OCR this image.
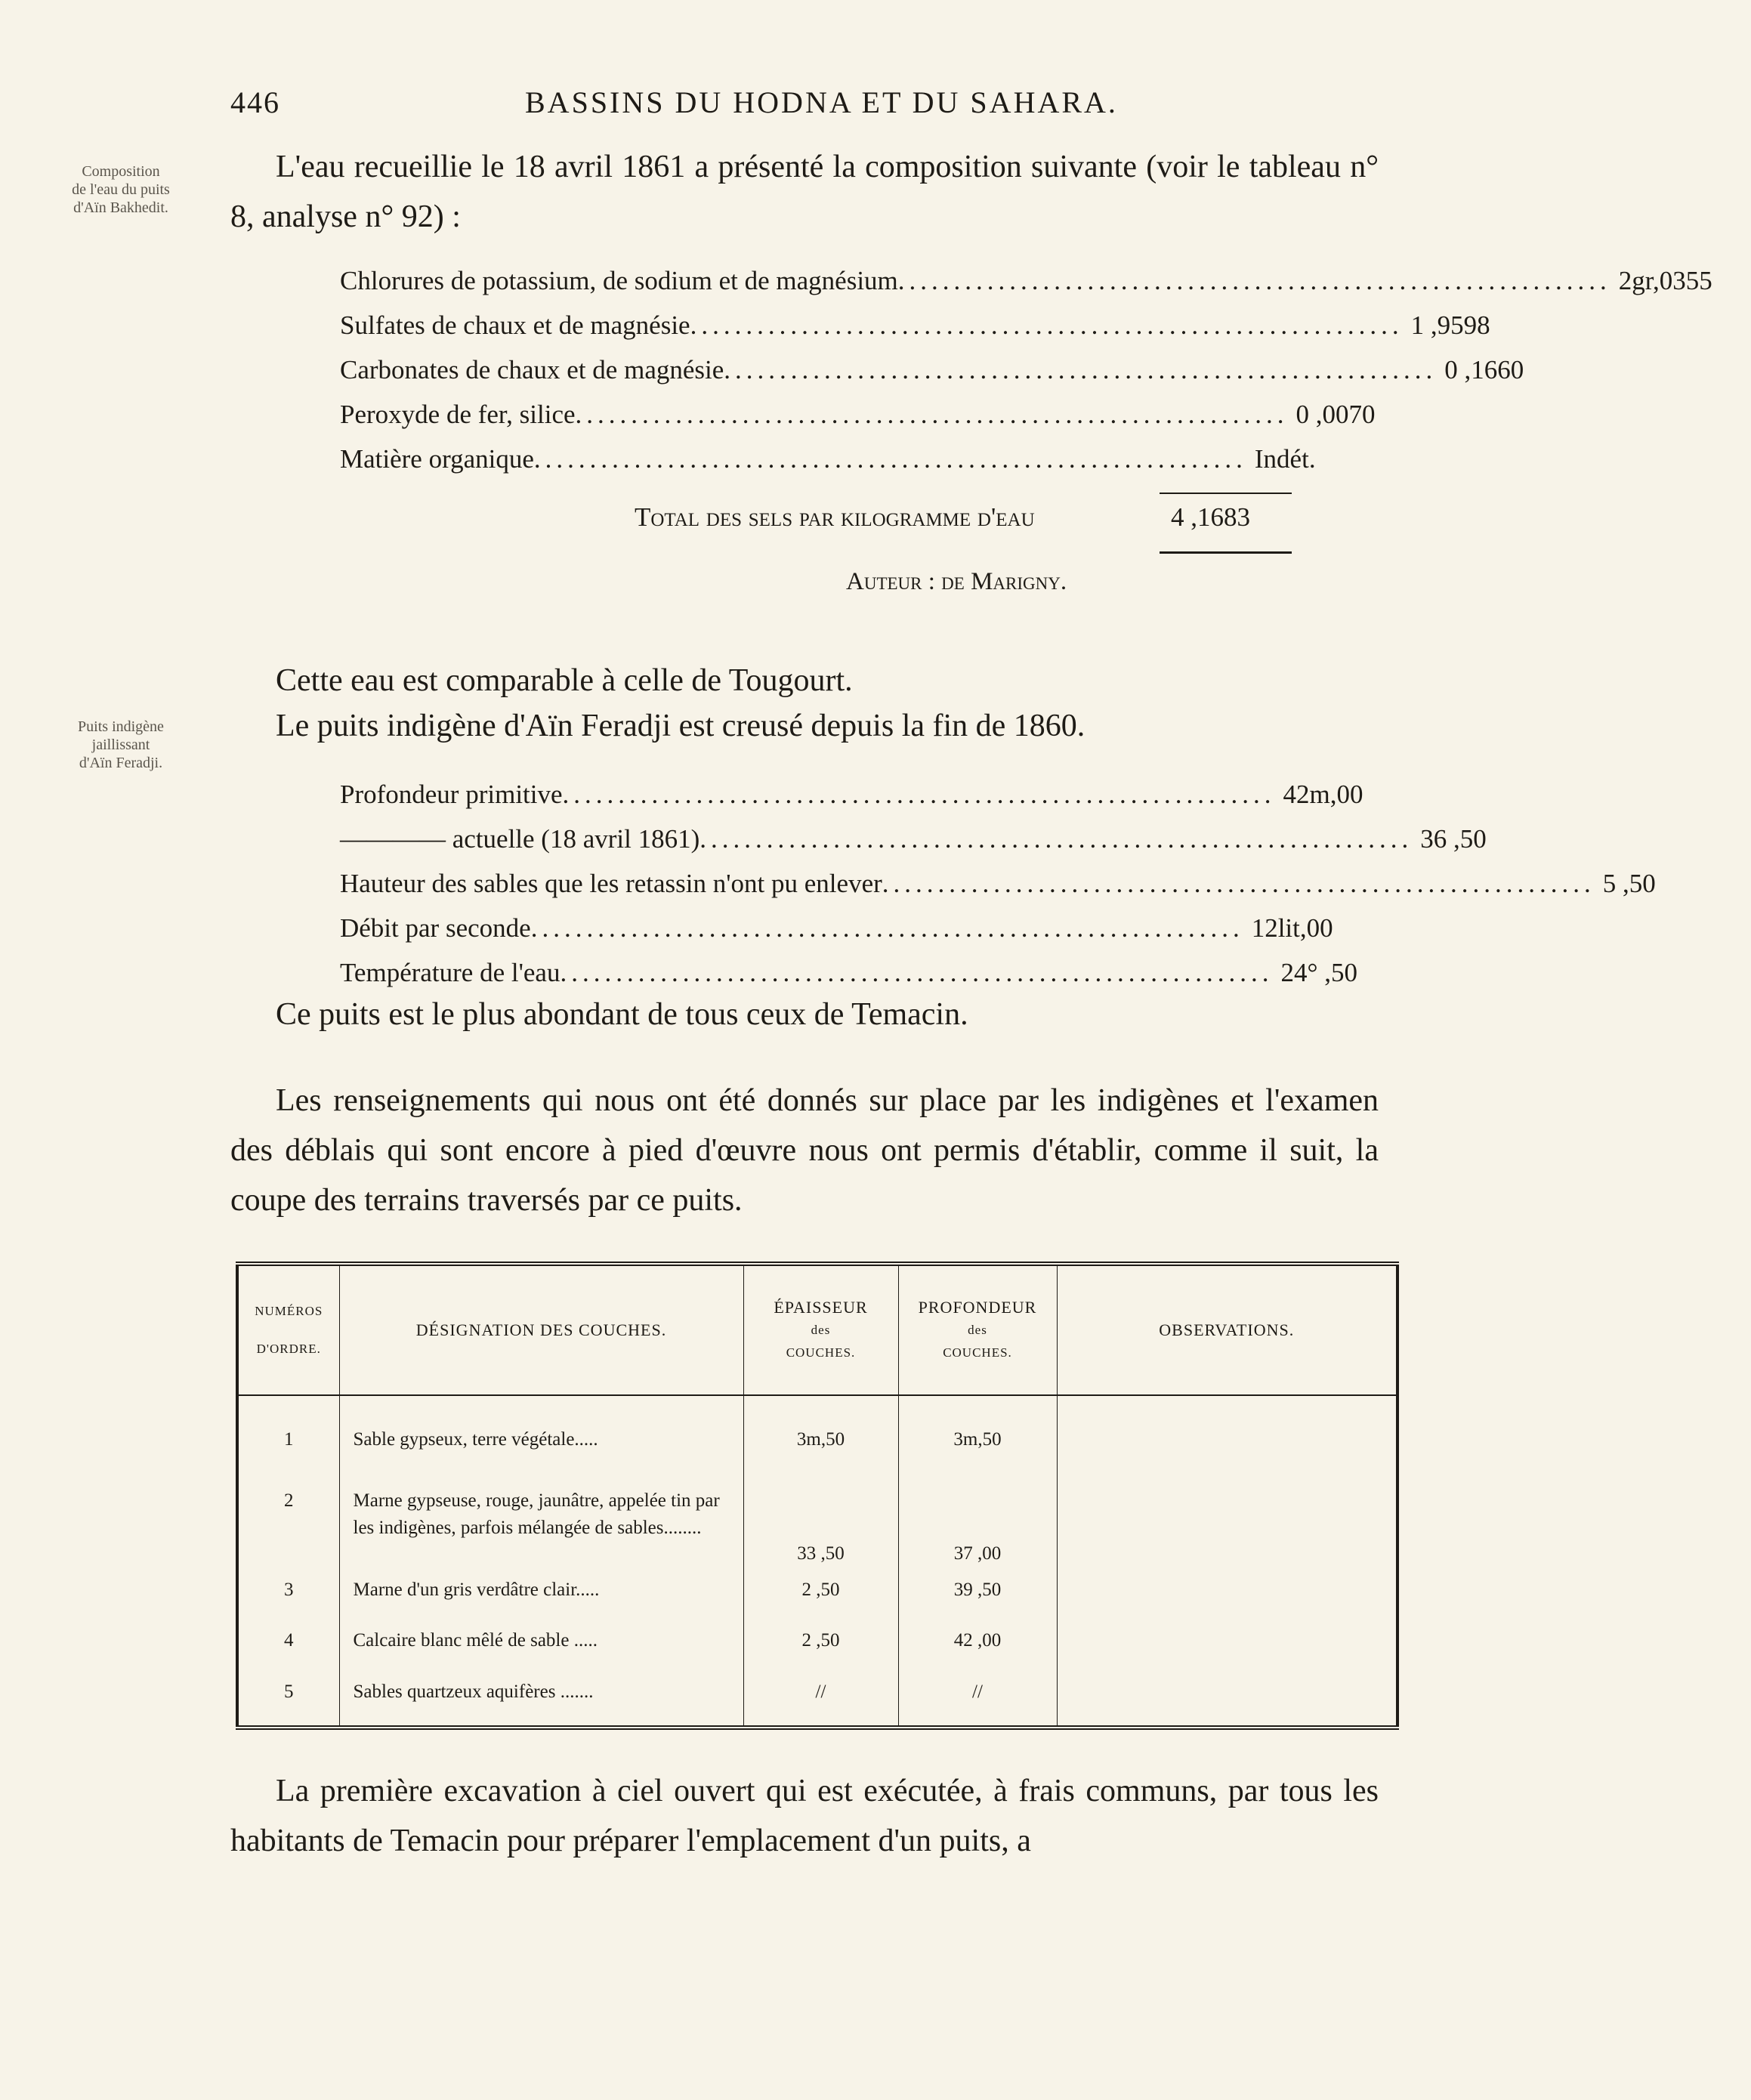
446	BASSINS DU HODNA ET DU SAHARA.
Composition
de l'eau du puits
d'Aïn Bakhedit.
Puits indigène
jaillissant
d'Aïn Feradji.
L'eau recueillie le 18 avril 1861 a présenté la composition suivante (voir le tableau n° 8, analyse n° 92) :
Chlorures de potassium, de sodium et de magnésium ................................................................ 2gr,0355
Sulfates de chaux et de magnésie ................................................................ 1 ,9598
Carbonates de chaux et de magnésie ................................................................ 0 ,1660
Peroxyde de fer, silice ................................................................ 0 ,0070
Matière organique ................................................................ Indét.
Total des sels par kilogramme d'eau	4 ,1683
Auteur : de Marigny.
Cette eau est comparable à celle de Tougourt.
Le puits indigène d'Aïn Feradji est creusé depuis la fin de 1860.
Profondeur primitive ................................................................ 42m,00
———— actuelle (18 avril 1861) ................................................................ 36 ,50
Hauteur des sables que les retassin n'ont pu enlever ................................................................ 5 ,50
Débit par seconde ................................................................ 12lit,00
Température de l'eau ................................................................ 24° ,50
Ce puits est le plus abondant de tous ceux de Temacin.
Les renseignements qui nous ont été donnés sur place par les indigènes et l'examen des déblais qui sont encore à pied d'œuvre nous ont permis d'établir, comme il suit, la coupe des terrains traversés par ce puits.
NUMÉROS
D'ORDRE.	DÉSIGNATION DES COUCHES.	ÉPAISSEUR
des
COUCHES.	PROFONDEUR
des
COUCHES.	OBSERVATIONS.
1	Sable gypseux, terre végétale.....	3m,50	3m,50	
2	Marne gypseuse, rouge, jaunâtre, appelée tin par les indigènes, parfois mélangée de sables........	33 ,50	37 ,00	
3	Marne d'un gris verdâtre clair.....	2 ,50	39 ,50	
4	Calcaire blanc mêlé de sable .....	2 ,50	42 ,00	
5	Sables quartzeux aquifères .......	//	//	
La première excavation à ciel ouvert qui est exécutée, à frais communs, par tous les habitants de Temacin pour préparer l'emplacement d'un puits, a
